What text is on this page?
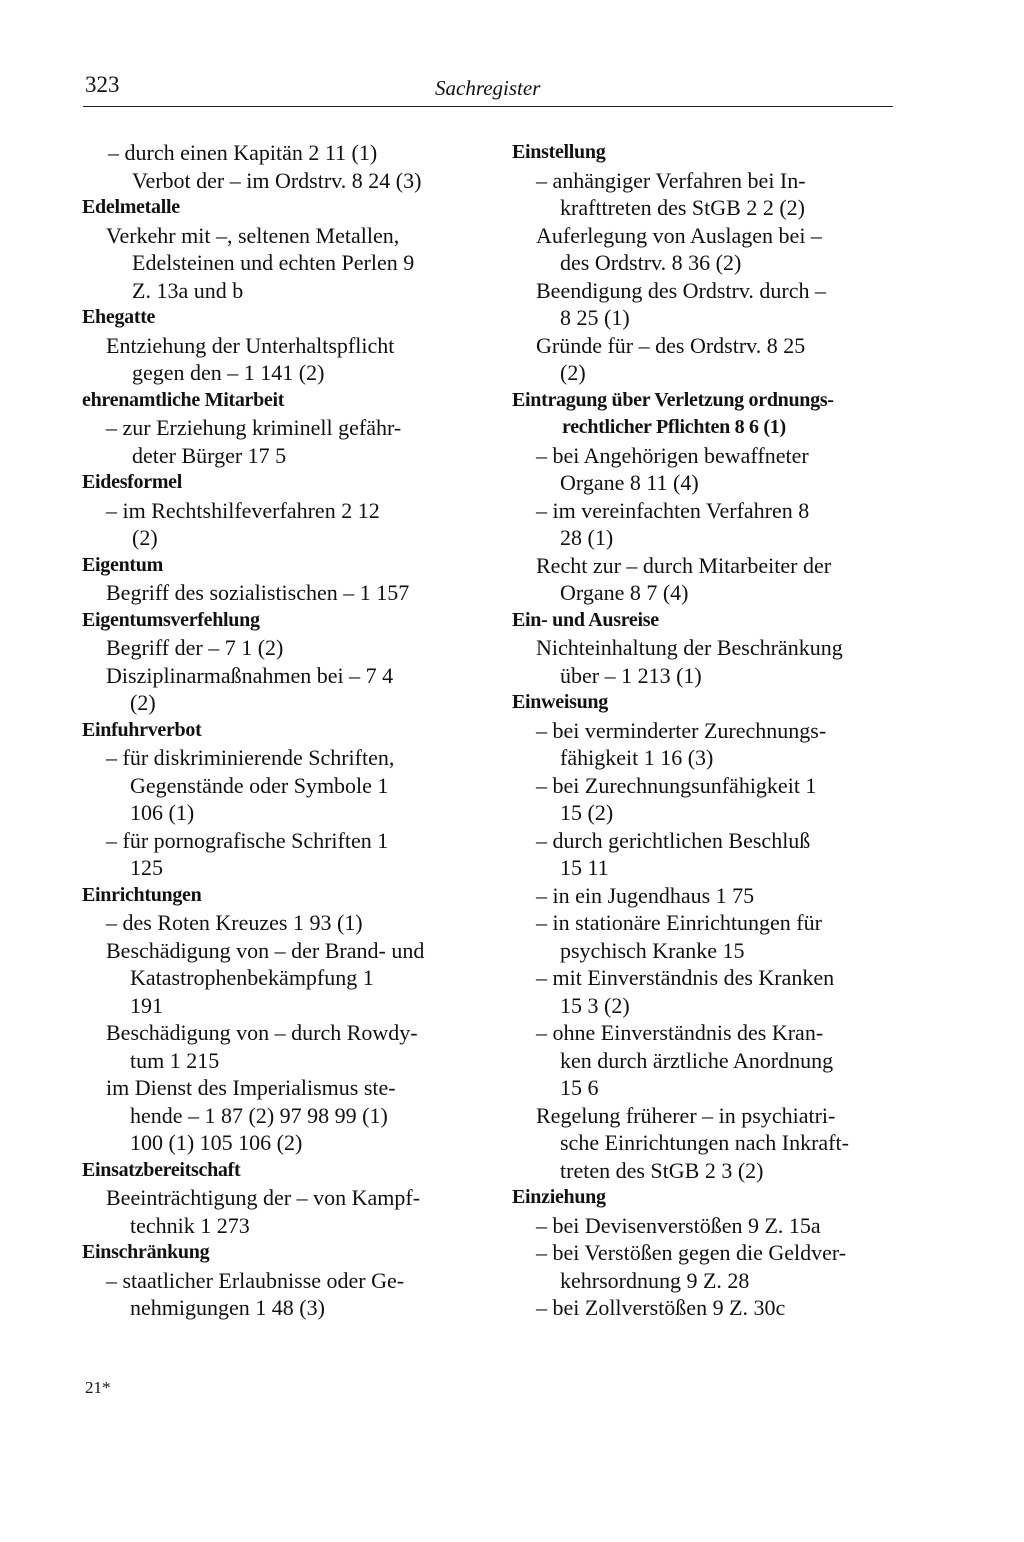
323	Sachregister
– durch einen Kapitän 2 11 (1)
Verbot der – im Ordstrv. 8 24 (3)
Edelmetalle
Verkehr mit –, seltenen Metallen,
Edelsteinen und echten Perlen 9
Z. 13a und b
Ehegatte
Entziehung der Unterhaltspflicht
gegen den – 1 141 (2)
ehrenamtliche Mitarbeit
– zur Erziehung kriminell gefähr-
deter Bürger 17 5
Eidesformel
– im Rechtshilfeverfahren 2 12
(2)
Eigentum
Begriff des sozialistischen – 1 157
Eigentumsverfehlung
Begriff der – 7 1 (2)
Disziplinarmaßnahmen bei – 7 4
(2)
Einfuhrverbot
– für diskriminierende Schriften,
Gegenstände oder Symbole 1
106 (1)
– für pornografische Schriften 1
125
Einrichtungen
– des Roten Kreuzes 1 93 (1)
Beschädigung von – der Brand- und
Katastrophenbekämpfung 1
191
Beschädigung von – durch Rowdy-
tum 1 215
im Dienst des Imperialismus ste-
hende – 1 87 (2) 97 98 99 (1)
100 (1) 105 106 (2)
Einsatzbereitschaft
Beeinträchtigung der – von Kampf-
technik 1 273
Einschränkung
– staatlicher Erlaubnisse oder Ge-
nehmigungen 1 48 (3)
Einstellung
– anhängiger Verfahren bei In-
krafttreten des StGB 2 2 (2)
Auferlegung von Auslagen bei –
des Ordstrv. 8 36 (2)
Beendigung des Ordstrv. durch –
8 25 (1)
Gründe für – des Ordstrv. 8 25
(2)
Eintragung über Verletzung ordnungs-
rechtlicher Pflichten 8 6 (1)
– bei Angehörigen bewaffneter
Organe 8 11 (4)
– im vereinfachten Verfahren 8
28 (1)
Recht zur – durch Mitarbeiter der
Organe 8 7 (4)
Ein- und Ausreise
Nichteinhaltung der Beschränkung
über – 1 213 (1)
Einweisung
– bei verminderter Zurechnungs-
fähigkeit 1 16 (3)
– bei Zurechnungsunfähigkeit 1
15 (2)
– durch gerichtlichen Beschluß
15 11
– in ein Jugendhaus 1 75
– in stationäre Einrichtungen für
psychisch Kranke 15
– mit Einverständnis des Kranken
15 3 (2)
– ohne Einverständnis des Kran-
ken durch ärztliche Anordnung
15 6
Regelung früherer – in psychiatri-
sche Einrichtungen nach Inkraft-
treten des StGB 2 3 (2)
Einziehung
– bei Devisenverstößen 9 Z. 15a
– bei Verstößen gegen die Geldver-
kehrsordnung 9 Z. 28
– bei Zollverstößen 9 Z. 30c
21*
